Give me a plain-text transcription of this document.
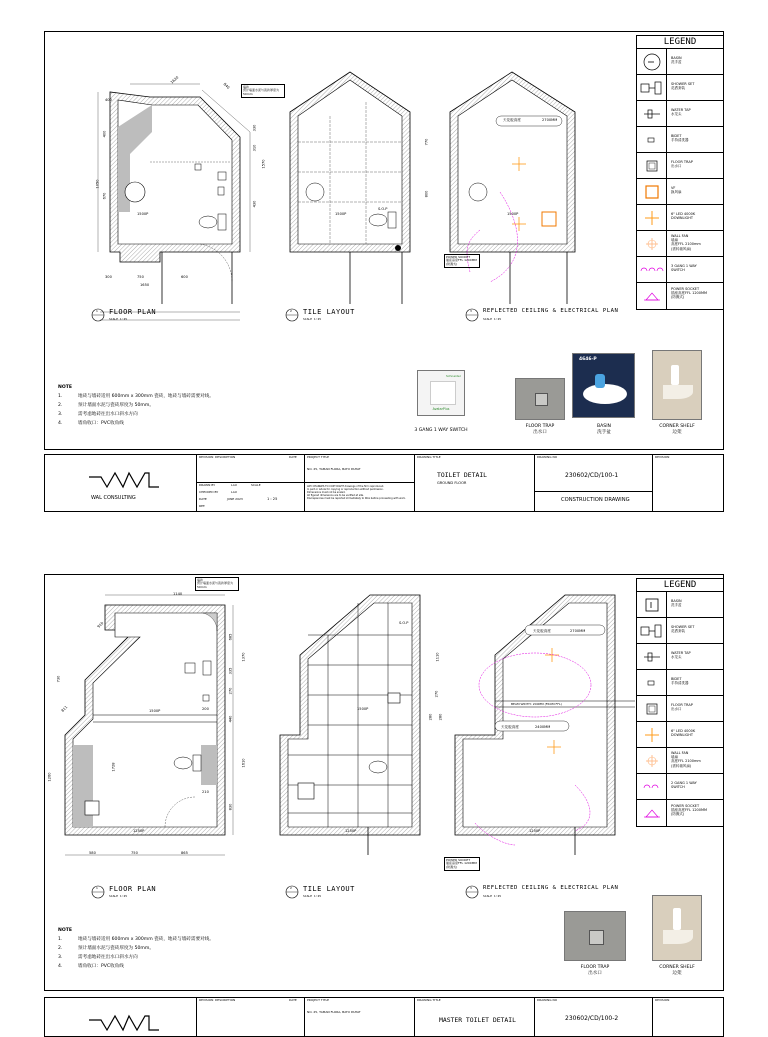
400
1620
840
330
310
1570
430
1050
400
670
300	750	600
1650
1500P
墙砖
预计墙面水泥与瓷砖厚度为
50mm
770
800
1500P
S.O.P
天花板高度	2700MM
1500P
POWER SOCKET
插座高度FFL 1200MM
(防溅式)
1 FLOOR PLAN
SCALE 1:25
2 TILE LAYOUT
SCALE 1:25
3 REFLECTED CEILING & ELECTRICAL PLAN
SCALE 1:25
LEGEND
BASIN
洗手盆
SHOWER SET
花洒套装
WATER TAP
水龙头
BIDET
手持清洗器
FLOOR TRAP
出水口
VF
换风扇
6" LED 4000K
DOWNLIGHT
WALL FAN
墙扇
高度FFL 2100mm
(需转墙风扇)
3 GANG 1 WAY
SWITCH
POWER SOCKET
插座高度FFL 1200MM
(防溅式)
NOTE
1.	地砖与墙砖适用 600mm x 300mm 瓷砖，地砖与墙砖需要对线。
2.	预计墙面水泥与瓷砖厚度为 50mm。
3.	需考虑地砖往出水口斜水方向
4.	墙角收口：PVC收角线
Schneider
AvatarPlus
3 GANG 1 WAY SWITCH
FLOOR TRAP
出水口
4646-P
BASIN
洗手盆
CORNER SHELF
边架
WAL CONSULTING
REVISION DESCRIPTION	DATE
DRAWN BY	LAU	SCALE
CHECKED BY	LAU
DATE	JUNE 2023	1 : 25
REF.
PROJECT TITLE
NO. 25, TAMAN FLORA, BATU PAHAT
ANY CHANGES TO COPY RIGHT drawings of the firm reproduced.
In part or whole for copying or reproduction without permission.
Dimensions must not be scaled.
All figured dimensions are to be verified at site.
Discrepancies must be reported immediately to WAL before proceeding with work.
DRAWING TITLE
TOILET DETAIL
GROUND FLOOR
DRAWING NO
230602/CD/100-1
CONSTRUCTION DRAWING
REVISION
1140
910
685
335
1370
270
440
1610
830
730
811
1260
580	750	865
1728
210
200
1500P
1250P
墙砖
预计墙面水泥与瓷砖厚度为
50mm
S.O.P
1110
270
280 280
1500P
1250P
天花板高度	2700MM
天花板高度	2400MM
BEAM WIDTH: 200MM (FROM FFL)
1250P
POWER SOCKET
插座高度FFL 1200MM
(防溅式)
1 FLOOR PLAN
SCALE 1:25
2 TILE LAYOUT
SCALE 1:25
3 REFLECTED CEILING & ELECTRICAL PLAN
SCALE 1:25
LEGEND
BASIN
洗手盆
SHOWER SET
花洒套装
WATER TAP
水龙头
BIDET
手持清洗器
FLOOR TRAP
出水口
6" LED 4000K
DOWNLIGHT
WALL FAN
墙扇
高度FFL 2100mm
(需转墙风扇)
2 GANG 1 WAY
SWITCH
POWER SOCKET
插座高度FFL 1200MM
(防溅式)
NOTE
1.	地砖与墙砖适用 600mm x 300mm 瓷砖，地砖与墙砖需要对线。
2.	预计墙面水泥与瓷砖厚度为 50mm。
3.	需考虑地砖往出水口斜水方向
4.	墙角收口：PVC收角线	FLOOR TRAP
出水口
CORNER SHELF
边架
REVISION DESCRIPTION	DATE	PROJECT TITLE
NO. 25, TAMAN FLORA, BATU PAHAT
DRAWING TITLE
MASTER TOILET DETAIL
DRAWING NO
230602/CD/100-2
REVISION
